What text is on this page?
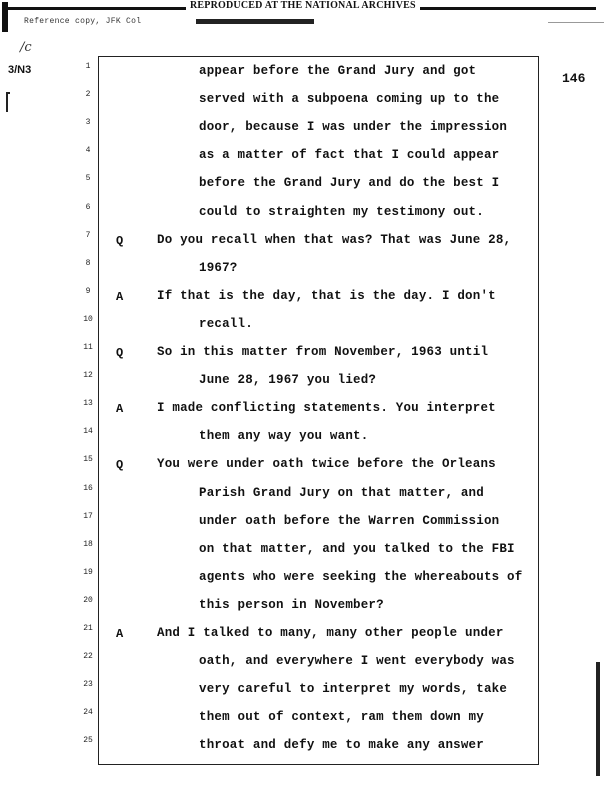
REPRODUCED AT THE NATIONAL ARCHIVES
Reference copy, JFK Col
/c
3/N3
146
1	appear before the Grand Jury and got
2	served with a subpoena coming up to the
3	door, because I was under the impression
4	as a matter of fact that I could appear
5	before the Grand Jury and do the best I
6	could to straighten my testimony out.
7	Q	Do you recall when that was? That was June 28,
8	1967?
9	A	If that is the day, that is the day. I don't
10	recall.
11	Q	So in this matter from November, 1963 until
12	June 28, 1967 you lied?
13	A	I made conflicting statements. You interpret
14	them any way you want.
15	Q	You were under oath twice before the Orleans
16	Parish Grand Jury on that matter, and
17	under oath before the Warren Commission
18	on that matter, and you talked to the FBI
19	agents who were seeking the whereabouts of
20	this person in November?
21	A	And I talked to many, many other people under
22	oath, and everywhere I went everybody was
23	very careful to interpret my words, take
24	them out of context, ram them down my
25	throat and defy me to make any answer
